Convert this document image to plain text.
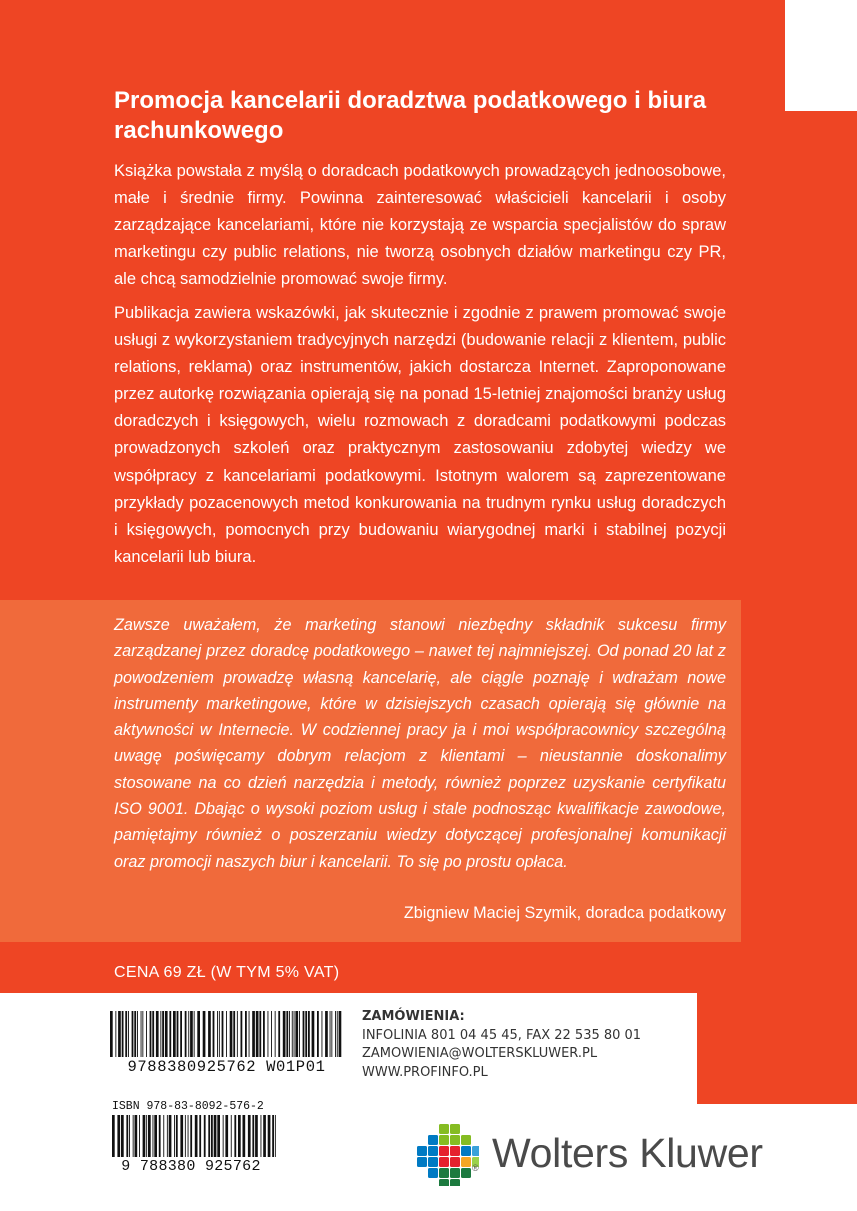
Promocja kancelarii doradztwa podatkowego i biura rachunkowego

Książka powstała z myślą o doradcach podatkowych prowadzących jednoosobowe, małe i średnie firmy. Powinna zainteresować właścicieli kancelarii i osoby zarządzające kancelariami, które nie korzystają ze wsparcia specjalistów do spraw marketingu czy public relations, nie tworzą osobnych działów marketingu czy PR, ale chcą samodzielnie promować swoje firmy.

Publikacja zawiera wskazówki, jak skutecznie i zgodnie z prawem promować swoje usługi z wykorzystaniem tradycyjnych narzędzi (budowanie relacji z klientem, public relations, reklama) oraz instrumentów, jakich dostarcza Internet. Zaproponowane przez autorkę rozwiązania opierają się na ponad 15-letniej znajomości branży usług doradczych i księgowych, wielu rozmowach z doradcami podatkowymi podczas prowadzonych szkoleń oraz praktycznym zastosowaniu zdobytej wiedzy we współpracy z kancelariami podatkowymi. Istotnym walorem są zaprezentowane przykłady pozacenowych metod konkurowania na trudnym rynku usług doradczych i księgowych, pomocnych przy budowaniu wiarygodnej marki i stabilnej pozycji kancelarii lub biura.

Zawsze uważałem, że marketing stanowi niezbędny składnik sukcesu firmy zarządzanej przez doradcę podatkowego – nawet tej najmniejszej. Od ponad 20 lat z powodzeniem prowadzę własną kancelarię, ale ciągle poznaję i wdrażam nowe instrumenty marketingowe, które w dzisiejszych czasach opierają się głównie na aktywności w Internecie. W codziennej pracy ja i moi współpracownicy szczególną uwagę poświęcamy dobrym relacjom z klientami – nieustannie doskonalimy stosowane na co dzień narzędzia i metody, również poprzez uzyskanie certyfikatu ISO 9001. Dbając o wysoki poziom usług i stale podnosząc kwalifikacje zawodowe, pamiętajmy również o poszerzaniu wiedzy dotyczącej profesjonalnej komunikacji oraz promocji naszych biur i kancelarii. To się po prostu opłaca.

Zbigniew Maciej Szymik, doradca podatkowy
CENA 69 ZŁ (W TYM 5% VAT)
ZAMÓWIENIA:
INFOLINIA 801 04 45 45, FAX 22 535 80 01
ZAMOWIENIA@WOLTERSKLUWER.PL
WWW.PROFINFO.PL
9788380925762 W01P01
ISBN 978-83-8092-576-2
9 788380 925762	® Wolters Kluwer
